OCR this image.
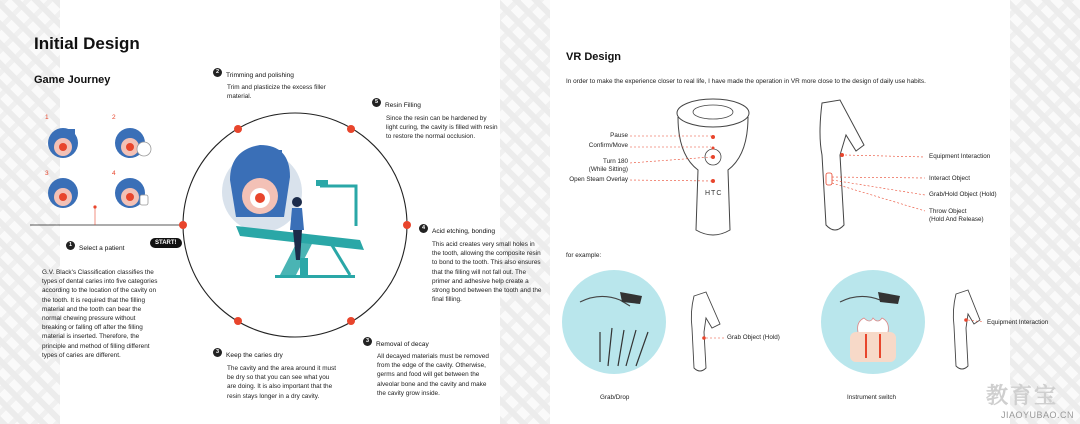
Initial Design
Game Journey
1	2
3	4
1 Select a patient
START!
G.V. Black's Classification classifies the types of dental caries into five categories according to the location of the cavity on the tooth. It is required that the filling material and the tooth can bear the normal chewing pressure without breaking or falling off after the filling material is inserted. Therefore, the principle and method of filling different types of caries are different.
2 Trimming and polishing
Trim and plasticize the excess filler material.
5 Resin Filling
Since the resin can be hardened by light curing, the cavity is filled with resin to restore the normal occlusion.
4 Acid etching, bonding
This acid creates very small holes in the tooth, allowing the composite resin to bond to the tooth. This also ensures that the filling will not fall out. The primer and adhesive help create a strong bond between the tooth and the final filling.
3 Keep the caries dry
The cavity and the area around it must be dry so that you can see what you are doing. It is also important that the resin stays longer in a dry cavity.
3 Removal of decay
All decayed materials must be removed from the edge of the cavity. Otherwise, germs and food will get between the alveolar bone and the cavity and make the cavity grow inside.
VR Design
In order to make the experience closer to real life, I have made the operation in VR more close to the design of daily use habits.
Pause
Confirm/Move
Turn 180
(While Sitting)
Open Steam Overlay
HTC
Equipment Interaction
Interact Object
Grab/Hold Object (Hold)
Throw Object
(Hold And Release)
for example:
Grab Object (Hold)
Equipment Interaction
Grab/Drop	Instrument switch	教育宝
JIAOYUBAO.CN
